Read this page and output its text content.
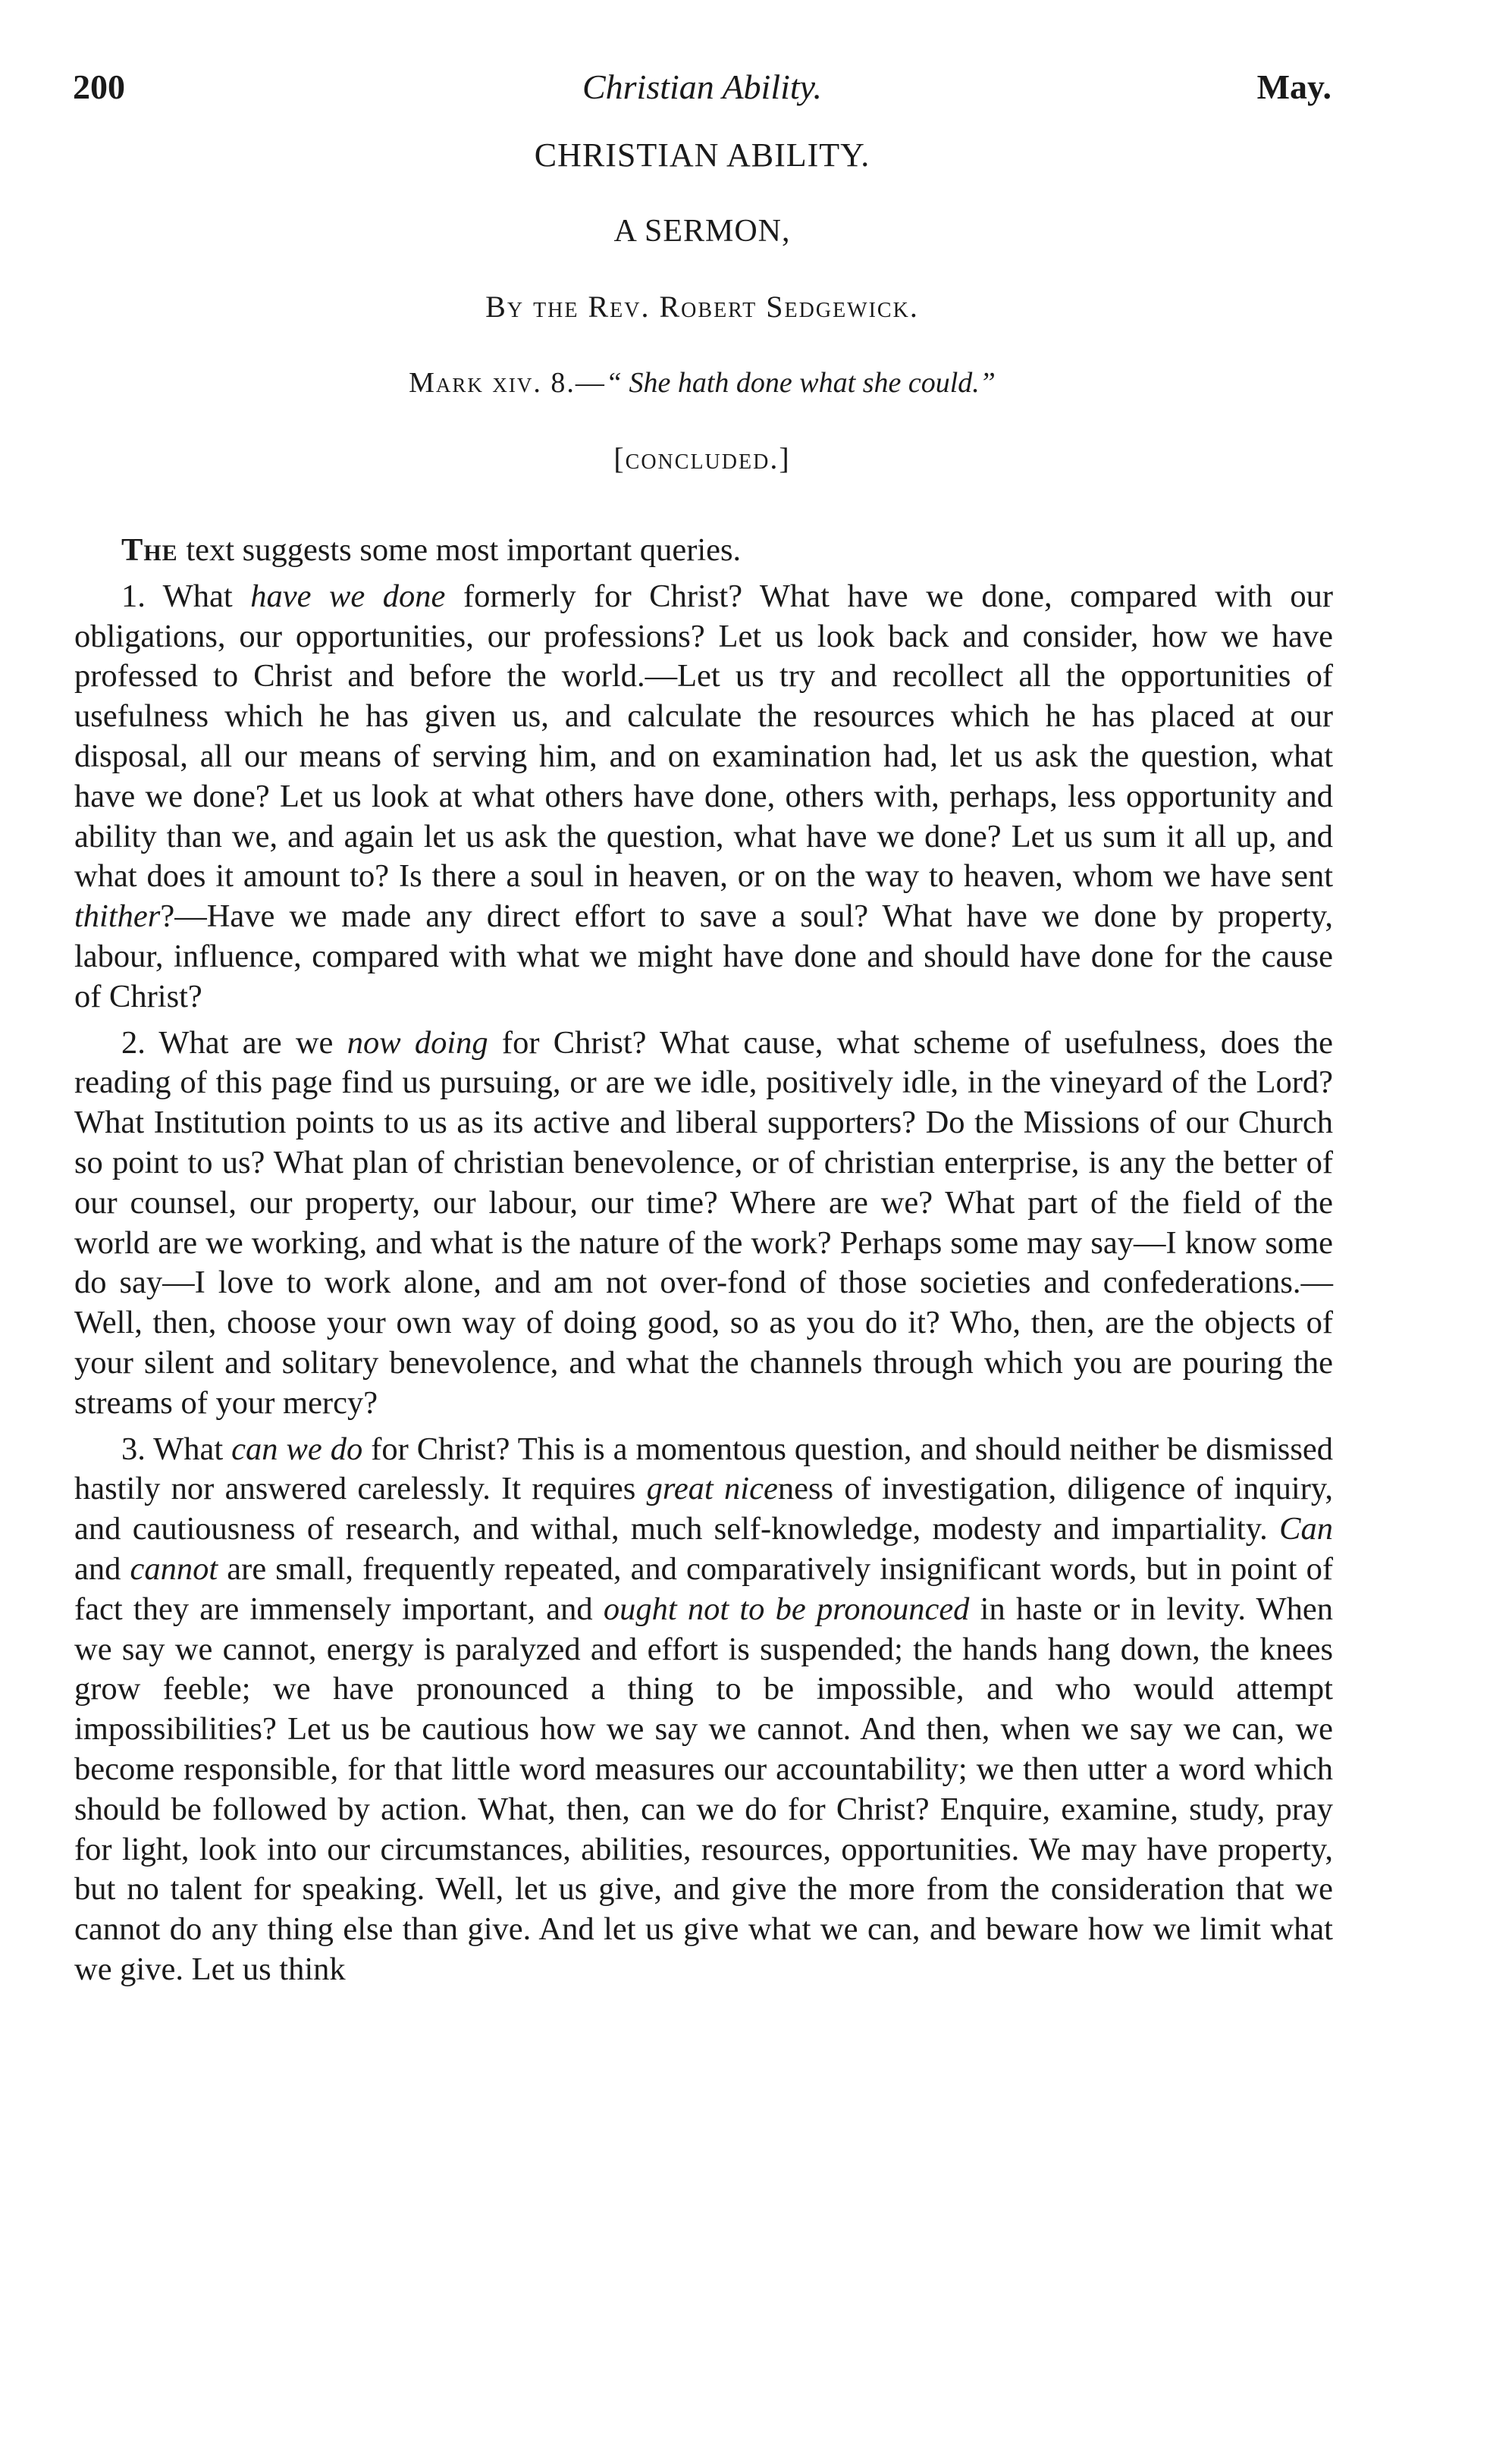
200	Christian Ability.	May.
CHRISTIAN ABILITY.
A SERMON,
By the Rev. Robert Sedgewick.
Mark xiv. 8.—“ She hath done what she could.”
[concluded.]

The text suggests some most important queries.

1. What have we done formerly for Christ? What have we done, compared with our obligations, our opportunities, our professions? Let us look back and consider, how we have professed to Christ and before the world.—Let us try and recollect all the opportunities of usefulness which he has given us, and calculate the resources which he has placed at our disposal, all our means of serving him, and on examination had, let us ask the question, what have we done? Let us look at what others have done, others with, perhaps, less opportunity and ability than we, and again let us ask the question, what have we done? Let us sum it all up, and what does it amount to? Is there a soul in heaven, or on the way to heaven, whom we have sent thither?—Have we made any direct effort to save a soul? What have we done by property, labour, influence, compared with what we might have done and should have done for the cause of Christ?

2. What are we now doing for Christ? What cause, what scheme of usefulness, does the reading of this page find us pursuing, or are we idle, positively idle, in the vineyard of the Lord? What Institution points to us as its active and liberal supporters? Do the Missions of our Church so point to us? What plan of christian benevolence, or of christian enterprise, is any the better of our counsel, our property, our labour, our time? Where are we? What part of the field of the world are we working, and what is the nature of the work? Perhaps some may say—I know some do say—I love to work alone, and am not over-fond of those societies and confederations.—Well, then, choose your own way of doing good, so as you do it? Who, then, are the objects of your silent and solitary benevolence, and what the channels through which you are pouring the streams of your mercy?

3. What can we do for Christ? This is a momentous question, and should neither be dismissed hastily nor answered carelessly. It requires great niceness of investigation, diligence of inquiry, and cautiousness of research, and withal, much self-knowledge, modesty and impartiality. Can and cannot are small, frequently repeated, and comparatively insignificant words, but in point of fact they are immensely important, and ought not to be pronounced in haste or in levity. When we say we cannot, energy is paralyzed and effort is suspended; the hands hang down, the knees grow feeble; we have pronounced a thing to be impossible, and who would attempt impossibilities? Let us be cautious how we say we cannot. And then, when we say we can, we become responsible, for that little word measures our accountability; we then utter a word which should be followed by action. What, then, can we do for Christ? Enquire, examine, study, pray for light, look into our circumstances, abilities, resources, opportunities. We may have property, but no talent for speaking. Well, let us give, and give the more from the consideration that we cannot do any thing else than give. And let us give what we can, and beware how we limit what we give. Let us think
